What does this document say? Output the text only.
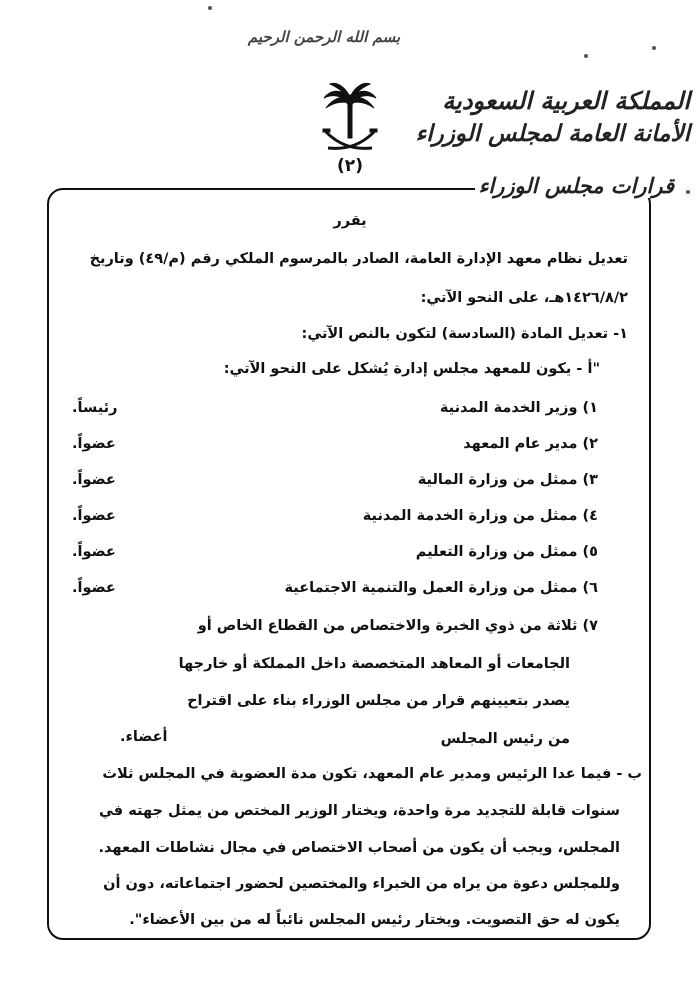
بسم الله الرحمن الرحيم
(٢)
المملكة العربية السعودية
الأمانة العامة لمجلس الوزراء
قرارات مجلس الوزراء
يقرر
تعديل نظام معهد الإدارة العامة، الصادر بالمرسوم الملكي رقم (م/٤٩) وتاريخ
١٤٢٦/٨/٢هـ، على النحو الآتي:
١- تعديل المادة (السادسة) لتكون بالنص الآتي:
"أ - يكون للمعهد مجلس إدارة يُشكل على النحو الآتي:
١) وزير الخدمة المدنية
رئيساً.
٢) مدير عام المعهد
عضواً.
٣) ممثل من وزارة المالية
عضواً.
٤) ممثل من وزارة الخدمة المدنية
عضواً.
٥) ممثل من وزارة التعليم
عضواً.
٦) ممثل من وزارة العمل والتنمية الاجتماعية
عضواً.
٧) ثلاثة من ذوي الخبرة والاختصاص من القطاع الخاص أو
الجامعات أو المعاهد المتخصصة داخل المملكة أو خارجها
يصدر بتعيينهم قرار من مجلس الوزراء بناء على اقتراح
من رئيس المجلس
أعضاء.
ب - فيما عدا الرئيس ومدير عام المعهد، تكون مدة العضوية في المجلس ثلاث
سنوات قابلة للتجديد مرة واحدة، ويختار الوزير المختص من يمثل جهته في
المجلس، ويجب أن يكون من أصحاب الاختصاص في مجال نشاطات المعهد.
وللمجلس دعوة من يراه من الخبراء والمختصين لحضور اجتماعاته، دون أن
يكون له حق التصويت. ويختار رئيس المجلس نائباً له من بين الأعضاء".
